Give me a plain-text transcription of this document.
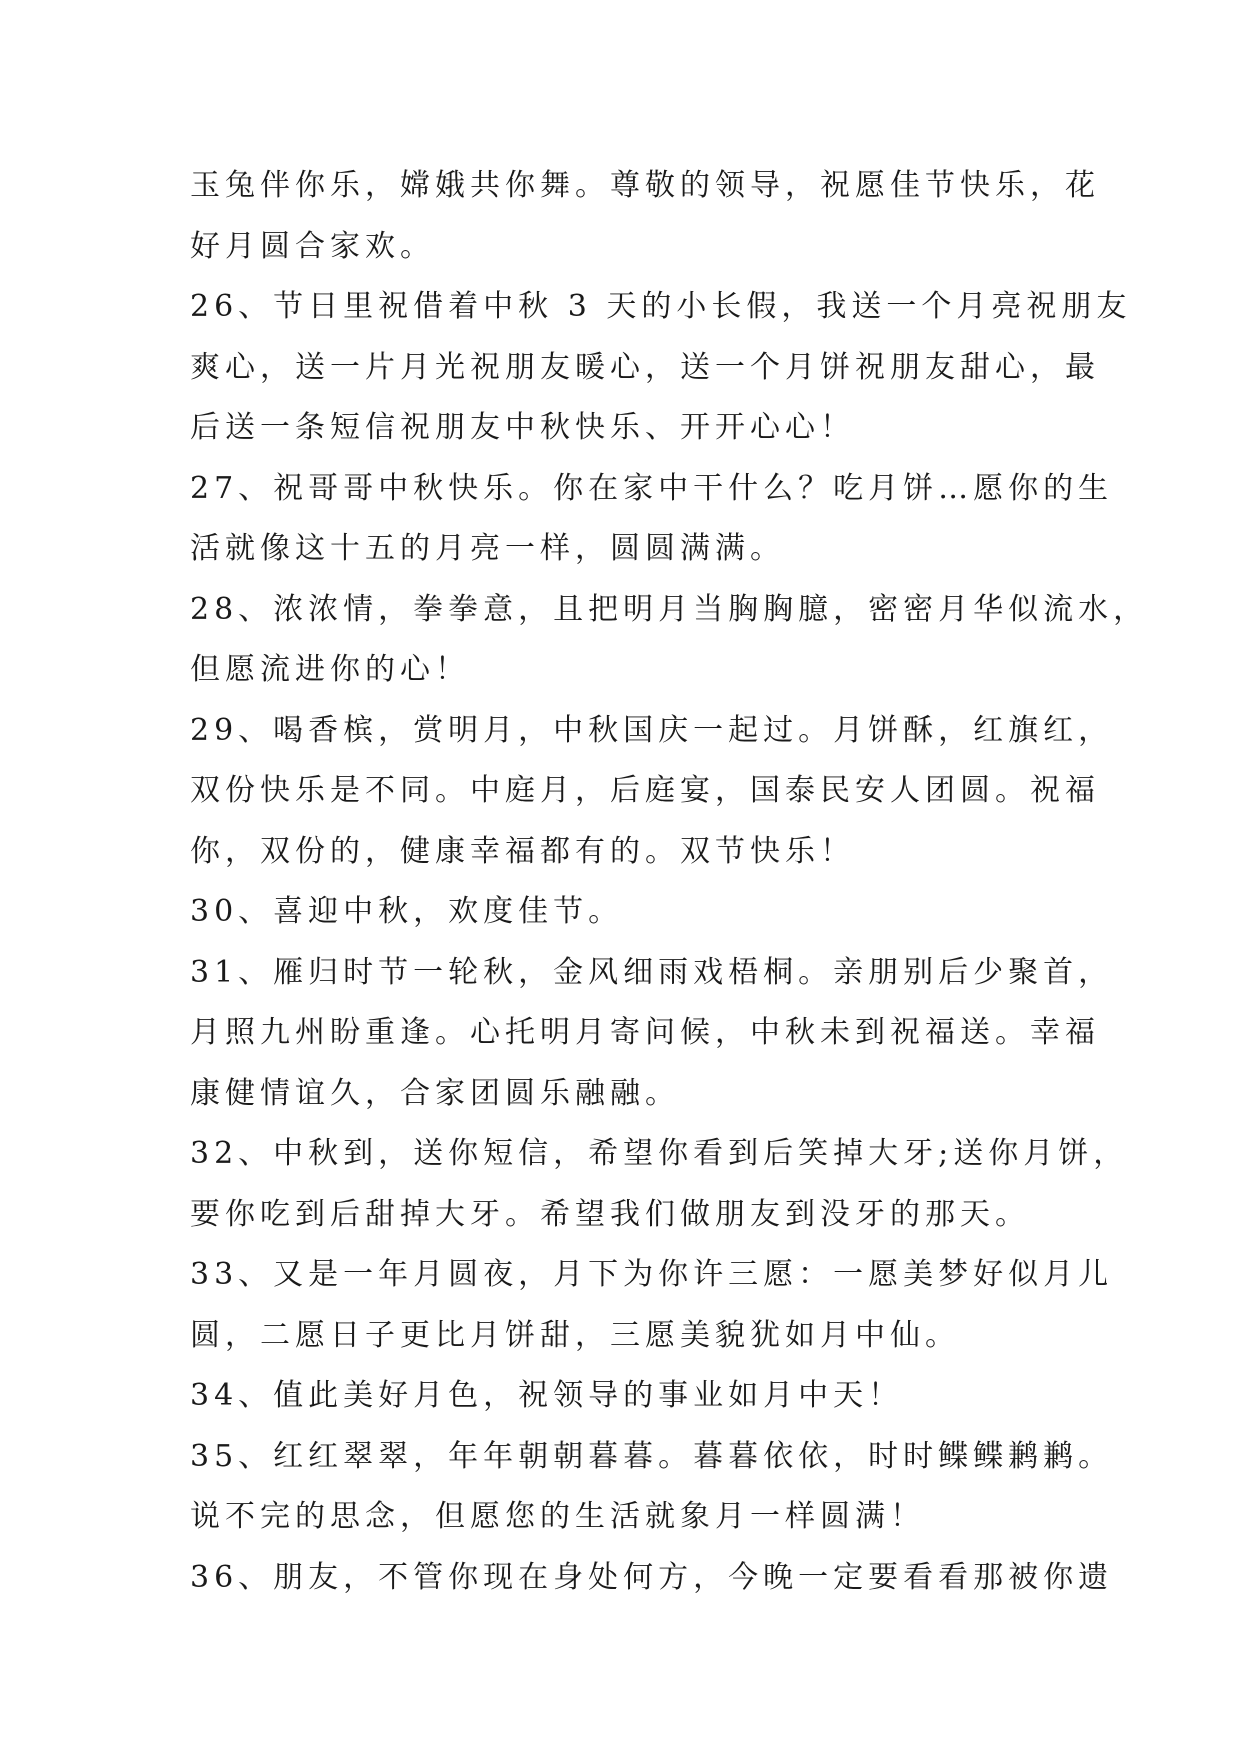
玉兔伴你乐，嫦娥共你舞。尊敬的领导，祝愿佳节快乐，花
好月圆合家欢。
26、节日里祝借着中秋 3 天的小长假，我送一个月亮祝朋友
爽心，送一片月光祝朋友暖心，送一个月饼祝朋友甜心，最
后送一条短信祝朋友中秋快乐、开开心心！
27、祝哥哥中秋快乐。你在家中干什么？吃月饼…愿你的生
活就像这十五的月亮一样，圆圆满满。
28、浓浓情，拳拳意，且把明月当胸胸臆，密密月华似流水，
但愿流进你的心！
29、喝香槟，赏明月，中秋国庆一起过。月饼酥，红旗红，
双份快乐是不同。中庭月，后庭宴，国泰民安人团圆。祝福
你，双份的，健康幸福都有的。双节快乐！
30、喜迎中秋，欢度佳节。
31、雁归时节一轮秋，金风细雨戏梧桐。亲朋别后少聚首，
月照九州盼重逢。心托明月寄问候，中秋未到祝福送。幸福
康健情谊久，合家团圆乐融融。
32、中秋到，送你短信，希望你看到后笑掉大牙;送你月饼，
要你吃到后甜掉大牙。希望我们做朋友到没牙的那天。
33、又是一年月圆夜，月下为你许三愿：一愿美梦好似月儿
圆，二愿日子更比月饼甜，三愿美貌犹如月中仙。
34、值此美好月色，祝领导的事业如月中天！
35、红红翠翠，年年朝朝暮暮。暮暮依依，时时鲽鲽鹣鹣。
说不完的思念，但愿您的生活就象月一样圆满！
36、朋友，不管你现在身处何方，今晚一定要看看那被你遗
